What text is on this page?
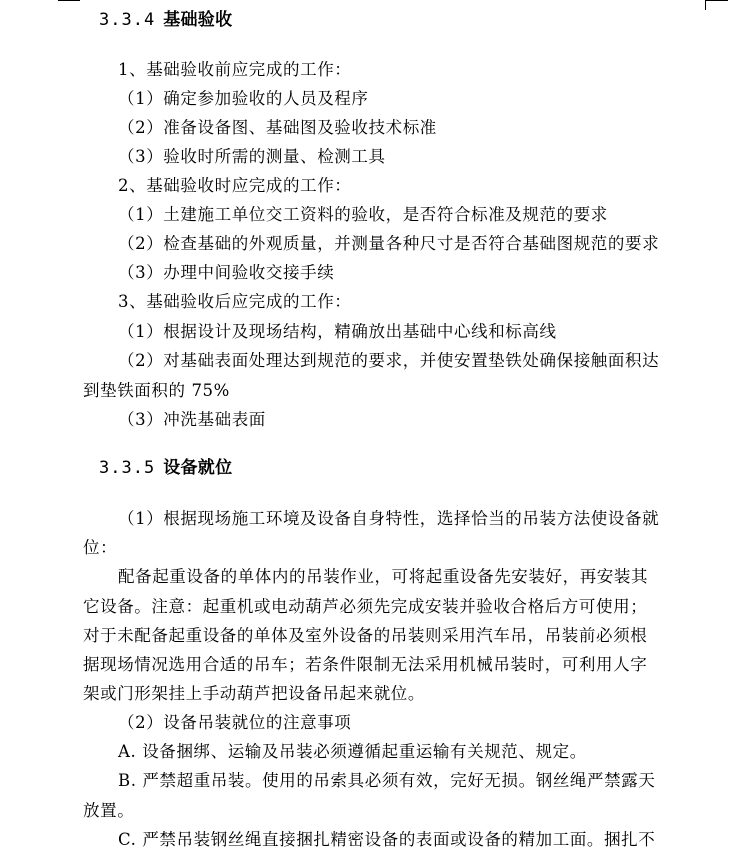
3.3.4 基础验收
1、基础验收前应完成的工作：
（1）确定参加验收的人员及程序
（2）准备设备图、基础图及验收技术标准
（3）验收时所需的测量、检测工具
2、基础验收时应完成的工作：
（1）土建施工单位交工资料的验收，是否符合标准及规范的要求
（2）检查基础的外观质量，并测量各种尺寸是否符合基础图规范的要求
（3）办理中间验收交接手续
3、基础验收后应完成的工作：
（1）根据设计及现场结构，精确放出基础中心线和标高线
（2）对基础表面处理达到规范的要求，并使安置垫铁处确保接触面积达
到垫铁面积的 75%
（3）冲洗基础表面
3.3.5 设备就位
（1）根据现场施工环境及设备自身特性，选择恰当的吊装方法使设备就
位：
配备起重设备的单体内的吊装作业，可将起重设备先安装好，再安装其
它设备。注意：起重机或电动葫芦必须先完成安装并验收合格后方可使用；
对于未配备起重设备的单体及室外设备的吊装则采用汽车吊，吊装前必须根
据现场情况选用合适的吊车；若条件限制无法采用机械吊装时，可利用人字
架或门形架挂上手动葫芦把设备吊起来就位。
（2）设备吊装就位的注意事项
A. 设备捆绑、运输及吊装必须遵循起重运输有关规范、规定。
B. 严禁超重吊装。使用的吊索具必须有效，完好无损。钢丝绳严禁露天
放置。
C. 严禁吊装钢丝绳直接捆扎精密设备的表面或设备的精加工面。捆扎不
